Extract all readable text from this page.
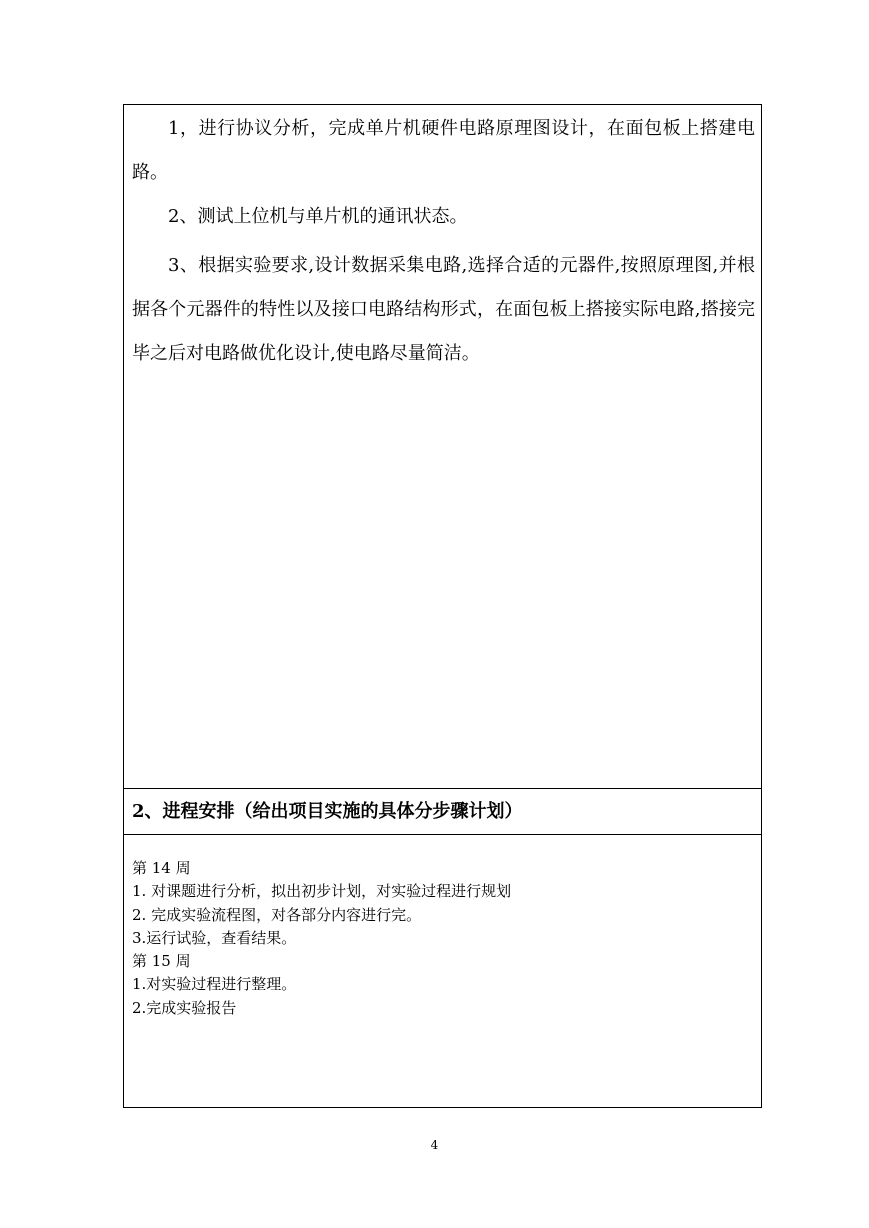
1，进行协议分析，完成单片机硬件电路原理图设计，在面包板上搭建电路。

2、测试上位机与单片机的通讯状态。

3、根据实验要求,设计数据采集电路,选择合适的元器件,按照原理图,并根据各个元器件的特性以及接口电路结构形式，在面包板上搭接实际电路,搭接完毕之后对电路做优化设计,使电路尽量简洁。

2、进程安排（给出项目实施的具体分步骤计划）
第 14 周
1. 对课题进行分析，拟出初步计划，对实验过程进行规划
2. 完成实验流程图，对各部分内容进行完。
3.运行试验，查看结果。
第 15 周
1.对实验过程进行整理。
2.完成实验报告
4
